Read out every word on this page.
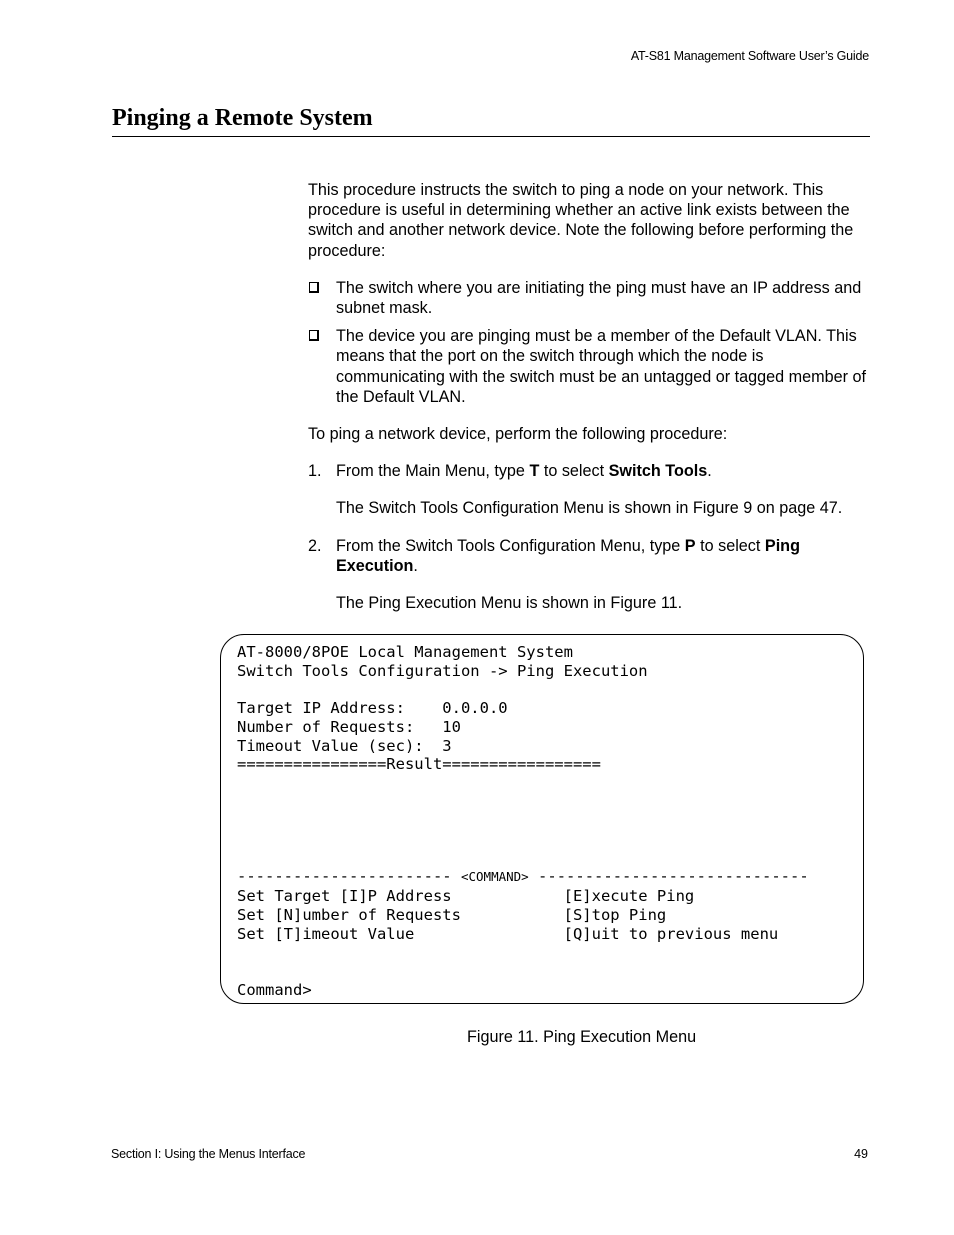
AT-S81 Management Software User’s Guide
Pinging a Remote System

This procedure instructs the switch to ping a node on your network. This procedure is useful in determining whether an active link exists between the switch and another network device. Note the following before performing the procedure:

The switch where you are initiating the ping must have an IP address and subnet mask.
The device you are pinging must be a member of the Default VLAN. This means that the port on the switch through which the node is communicating with the switch must be an untagged or tagged member of the Default VLAN.

To ping a network device, perform the following procedure:

1. From the Main Menu, type T to select Switch Tools.

The Switch Tools Configuration Menu is shown in Figure 9 on page 47.

2. From the Switch Tools Configuration Menu, type P to select Ping Execution.

The Ping Execution Menu is shown in Figure 11.

AT-8000/8POE Local Management System
Switch Tools Configuration -> Ping Execution

Target IP Address:    0.0.0.0
Number of Requests:   10
Timeout Value (sec):  3
================Result=================

----------------------- <COMMAND> -----------------------------
Set Target [I]P Address            [E]xecute Ping
Set [N]umber of Requests           [S]top Ping
Set [T]imeout Value                [Q]uit to previous menu

Command>
Figure 11. Ping Execution Menu
Section I: Using the Menus Interface	49
